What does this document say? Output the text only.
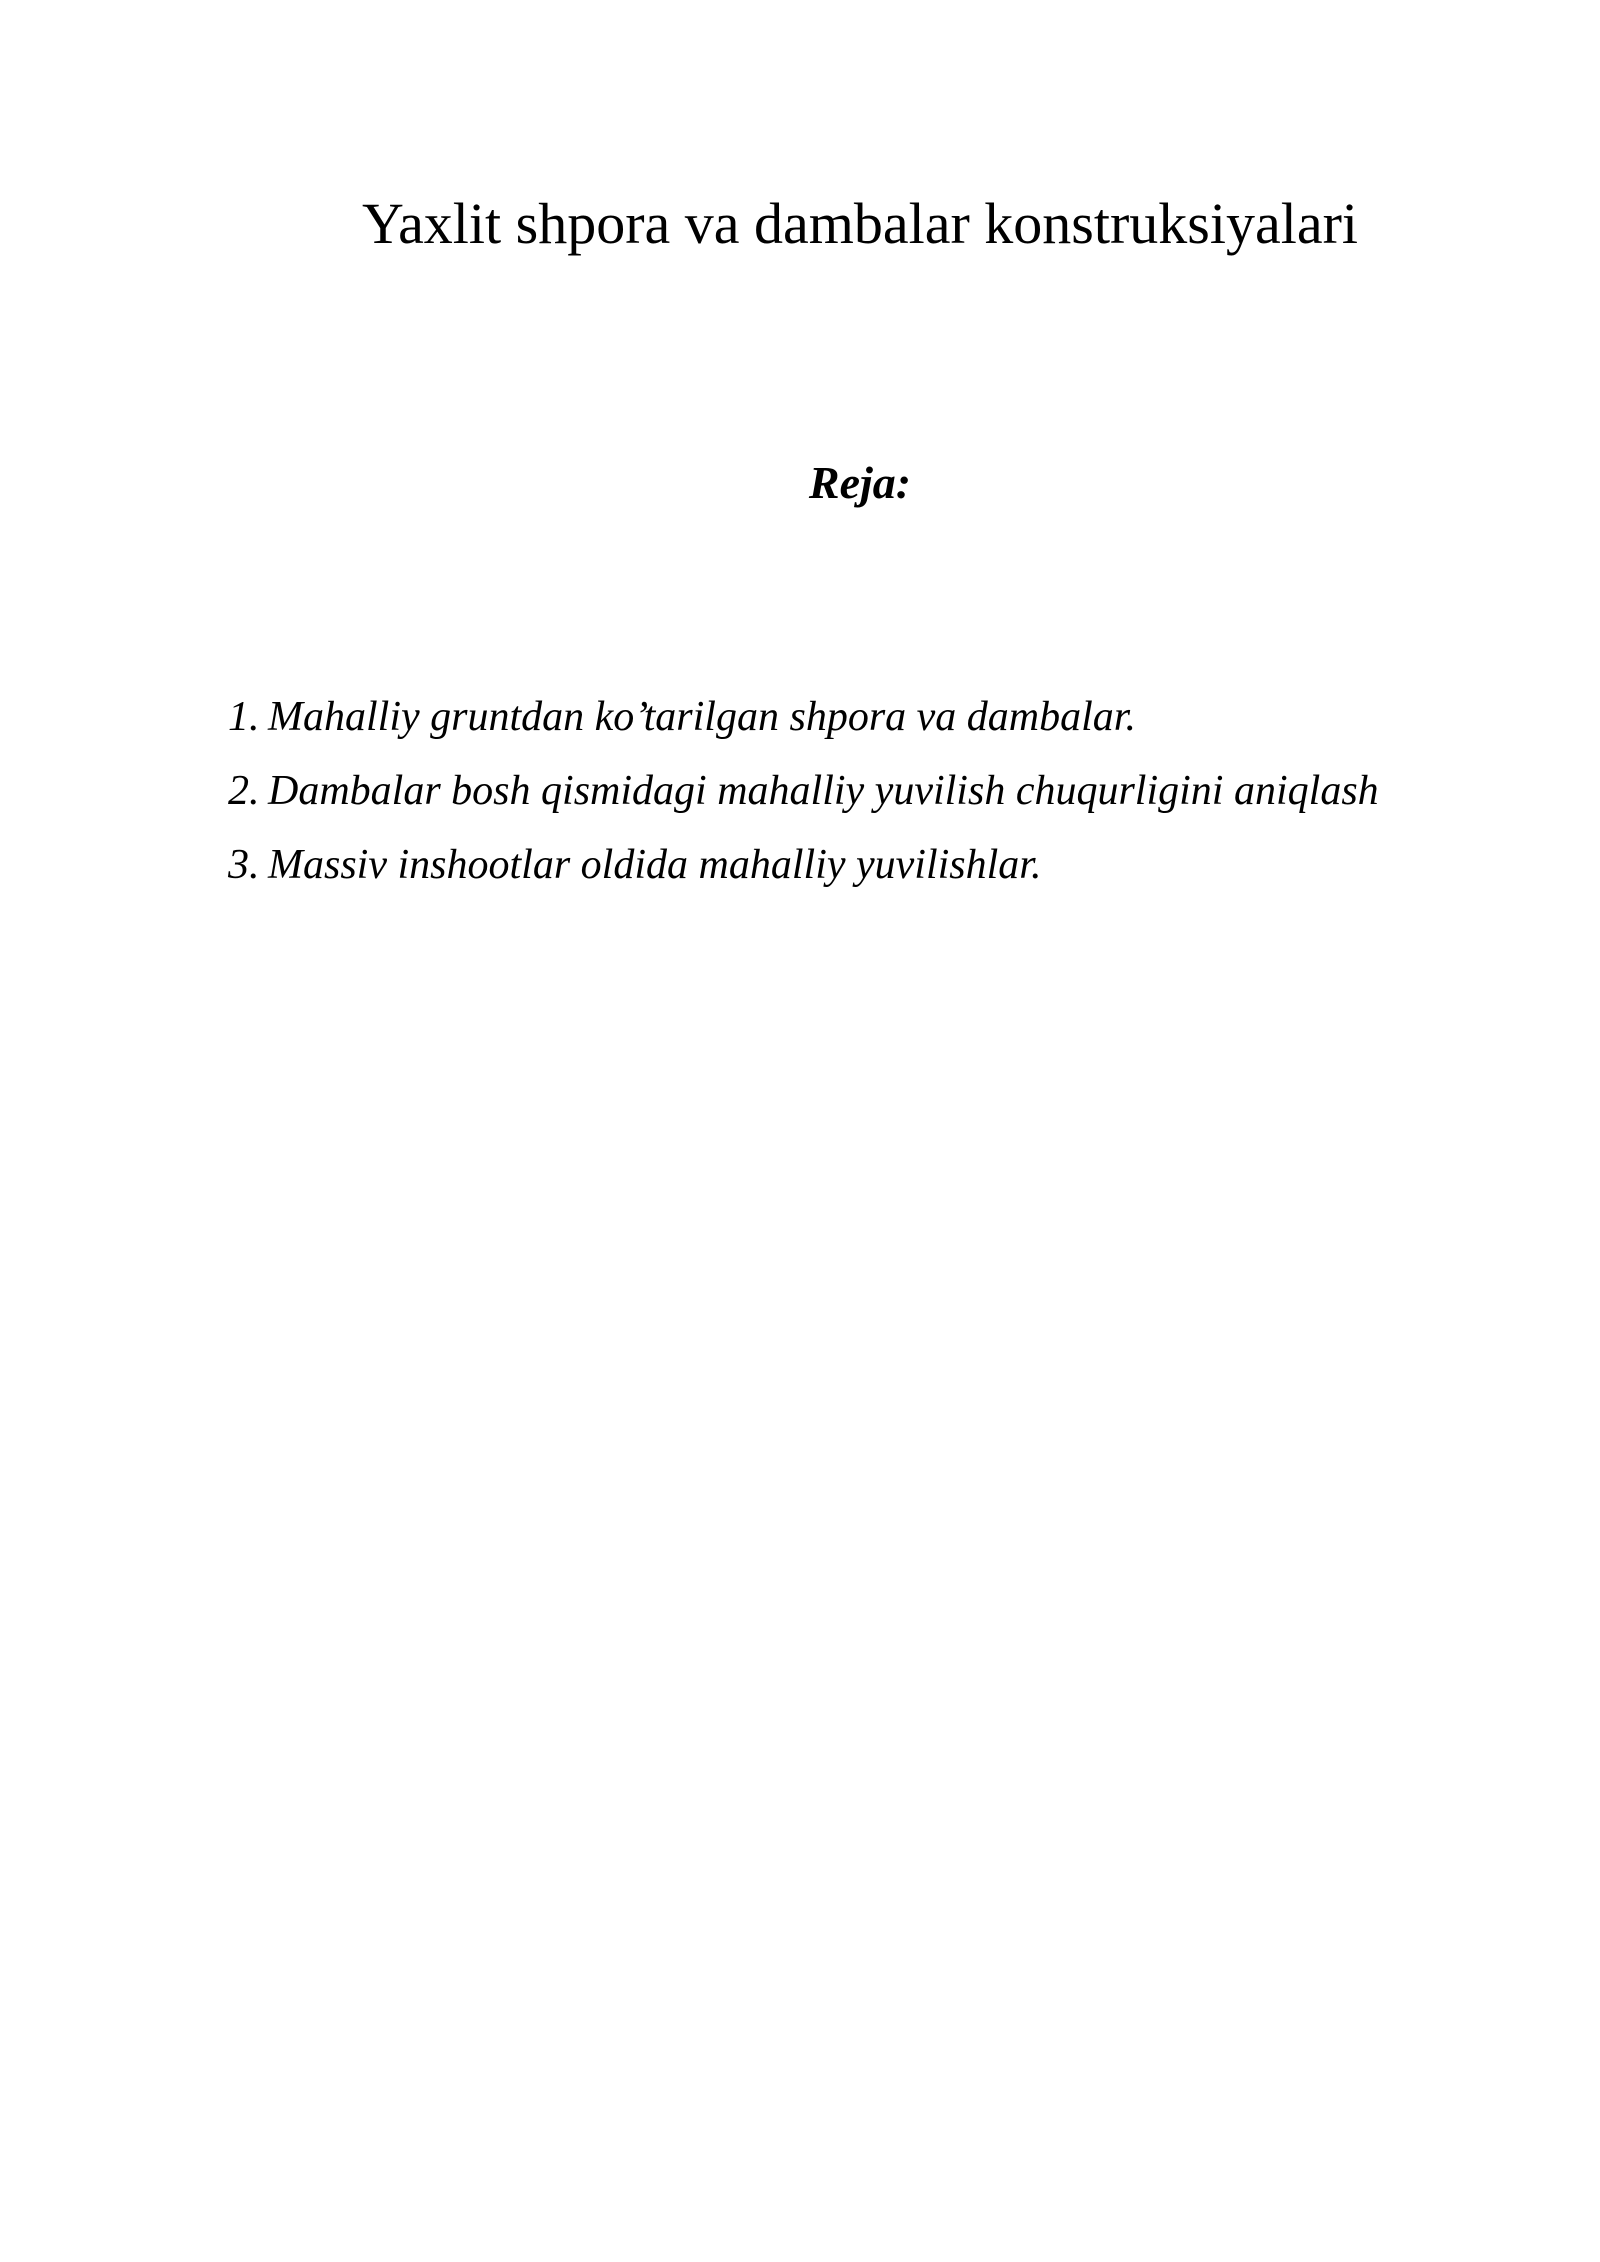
Yaxlit shpora va dambalar konstruksiyalari
Reja:
1. Mahalliy gruntdan ko’tarilgan shpora va dambalar.
2. Dambalar bosh qismidagi mahalliy yuvilish chuqurligini aniqlash
3. Massiv inshootlar oldida mahalliy yuvilishlar.
